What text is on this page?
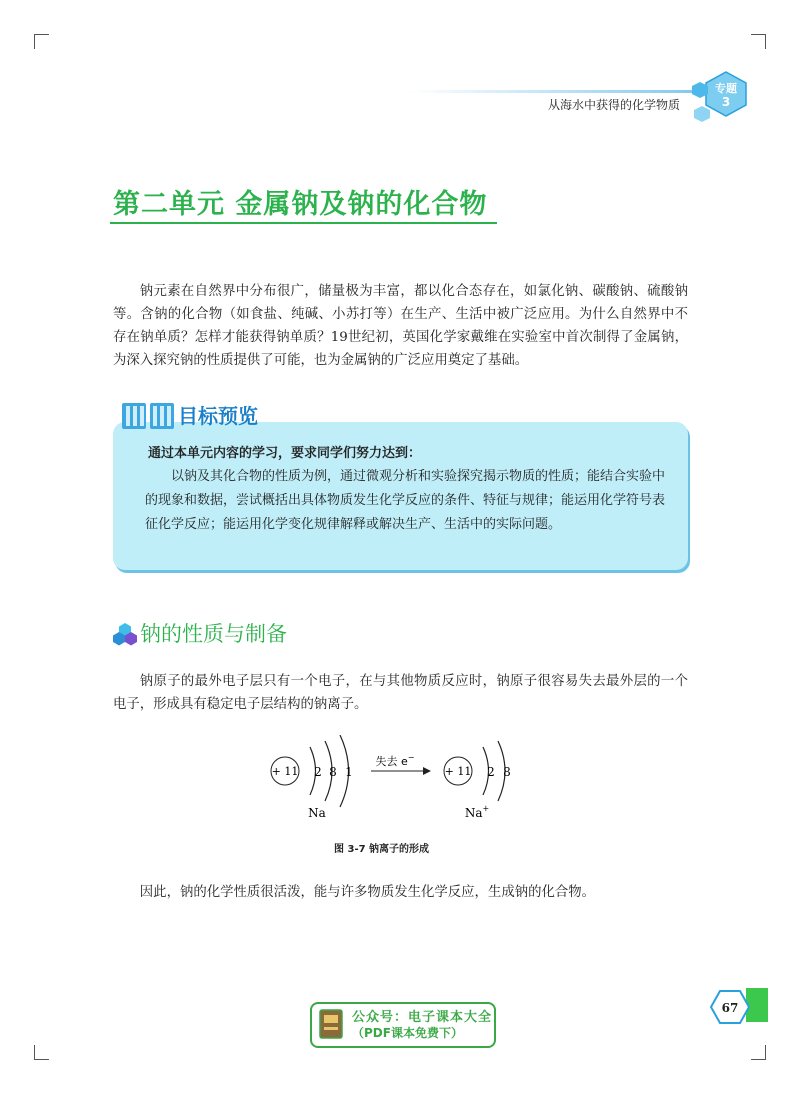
从海水中获得的化学物质
专题
3
第二单元 金属钠及钠的化合物
钠元素在自然界中分布很广，储量极为丰富，都以化合态存在，如氯化钠、碳酸钠、硫酸钠等。含钠的化合物（如食盐、纯碱、小苏打等）在生产、生活中被广泛应用。为什么自然界中不存在钠单质？怎样才能获得钠单质？19世纪初，英国化学家戴维在实验室中首次制得了金属钠，为深入探究钠的性质提供了可能，也为金属钠的广泛应用奠定了基础。
目标预览
通过本单元内容的学习，要求同学们努力达到：
以钠及其化合物的性质为例，通过微观分析和实验探究揭示物质的性质；能结合实验中的现象和数据，尝试概括出具体物质发生化学反应的条件、特征与规律；能运用化学符号表征化学反应；能运用化学变化规律解释或解决生产、生活中的实际问题。
钠的性质与制备
钠原子的最外电子层只有一个电子，在与其他物质反应时，钠原子很容易失去最外层的一个电子，形成具有稳定电子层结构的钠离子。
+ 11 2 8 1
Na
失去 e−
+ 11 2 8
Na+
图 3-7 钠离子的形成
因此，钠的化学性质很活泼，能与许多物质发生化学反应，生成钠的化合物。
67
公众号：电子课本大全
（PDF课本免费下）
